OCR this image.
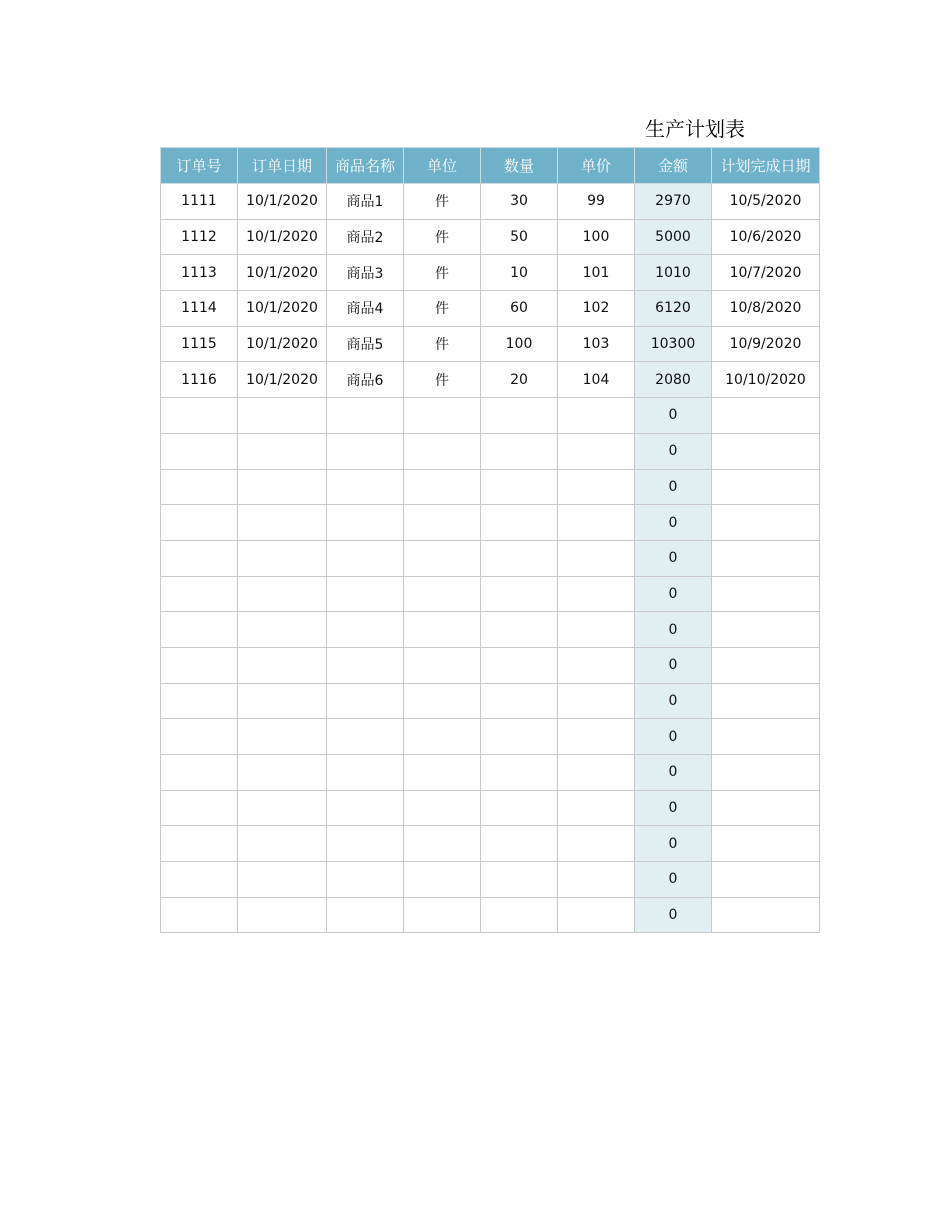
生产计划表
订单号	订单日期	商品名称	单位	数量	单价	金额	计划完成日期
1111	10/1/2020	商品1	件	30	99	2970	10/5/2020
1112	10/1/2020	商品2	件	50	100	5000	10/6/2020
1113	10/1/2020	商品3	件	10	101	1010	10/7/2020
1114	10/1/2020	商品4	件	60	102	6120	10/8/2020
1115	10/1/2020	商品5	件	100	103	10300	10/9/2020
1116	10/1/2020	商品6	件	20	104	2080	10/10/2020
						0	
						0	
						0	
						0	
						0	
						0	
						0	
						0	
						0	
						0	
						0	
						0	
						0	
						0	
						0	
